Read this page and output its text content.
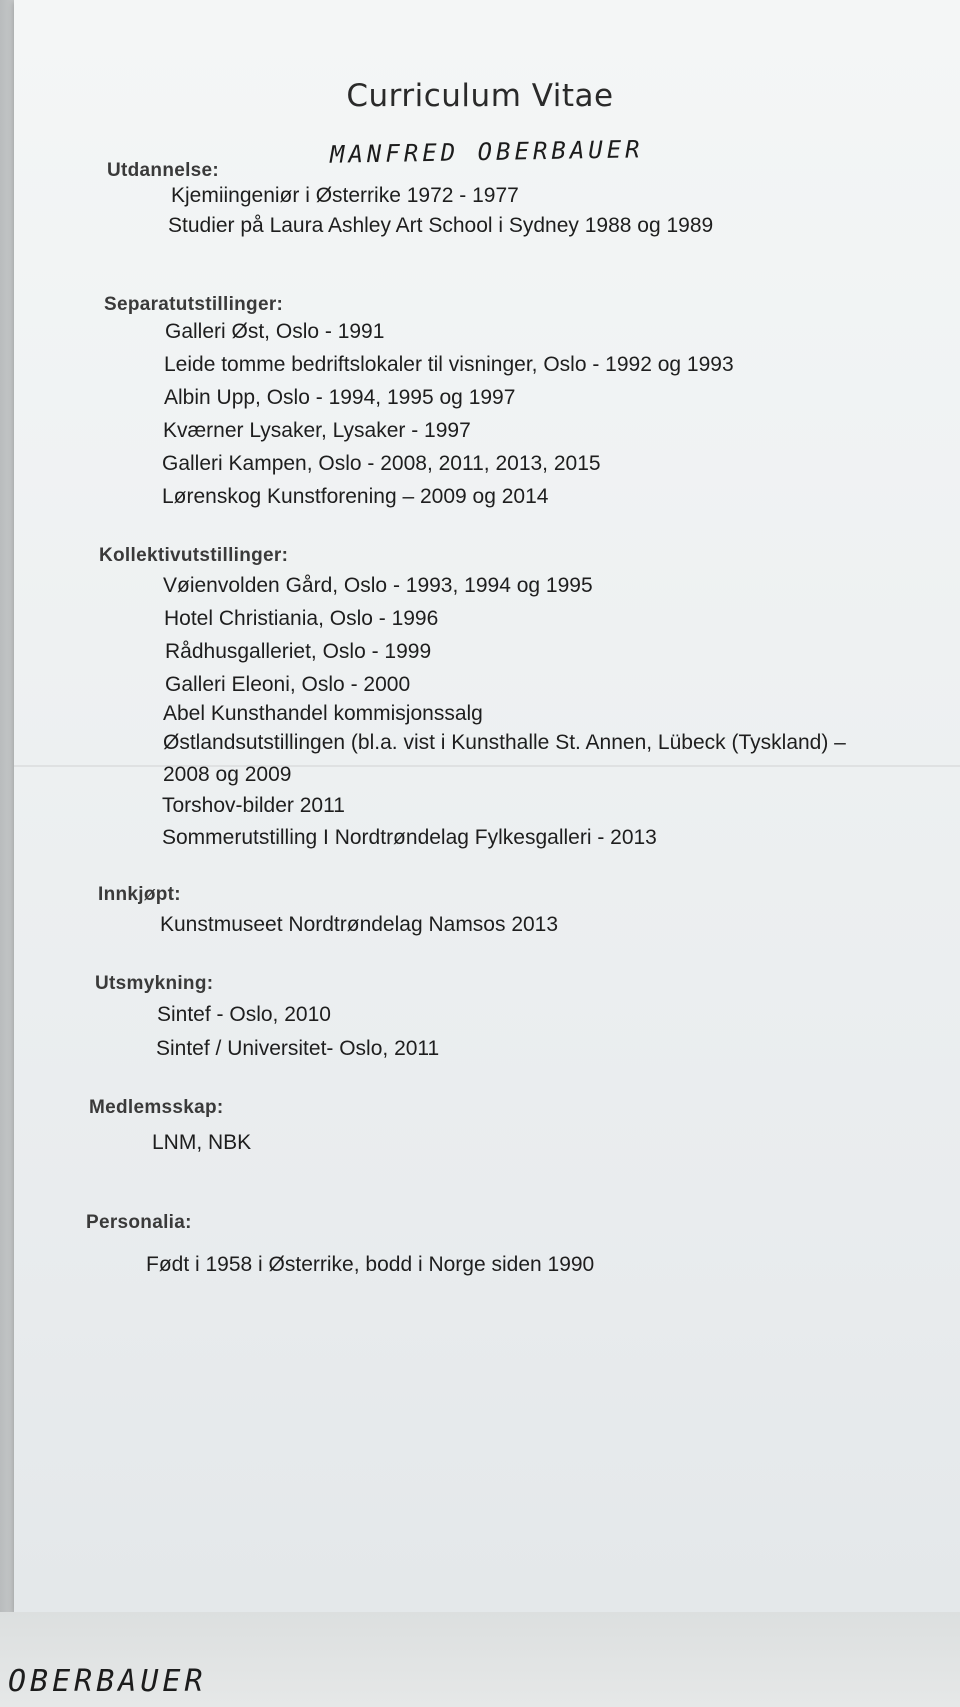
Curriculum Vitae
MANFRED OBERBAUER
Utdannelse:
Kjemiingeniør i Østerrike 1972 - 1977
Studier på Laura Ashley Art School i Sydney 1988 og 1989
Separatutstillinger:
Galleri Øst, Oslo - 1991
Leide tomme bedriftslokaler til visninger, Oslo - 1992 og 1993
Albin Upp, Oslo - 1994, 1995 og 1997
Kværner Lysaker, Lysaker - 1997
Galleri Kampen, Oslo - 2008, 2011, 2013, 2015
Lørenskog Kunstforening – 2009 og 2014
Kollektivutstillinger:
Vøienvolden Gård, Oslo - 1993, 1994 og 1995
Hotel Christiania, Oslo - 1996
Rådhusgalleriet, Oslo - 1999
Galleri Eleoni, Oslo - 2000
Abel Kunsthandel kommisjonssalg
Østlandsutstillingen (bl.a. vist i Kunsthalle St. Annen, Lübeck (Tyskland) –
2008 og 2009
Torshov-bilder 2011
Sommerutstilling I Nordtrøndelag Fylkesgalleri - 2013
Innkjøpt:
Kunstmuseet Nordtrøndelag Namsos 2013
Utsmykning:
Sintef - Oslo, 2010
Sintef / Universitet- Oslo, 2011
Medlemsskap:
LNM, NBK
Personalia:
Født i 1958 i Østerrike, bodd i Norge siden 1990
OBERBAUER
